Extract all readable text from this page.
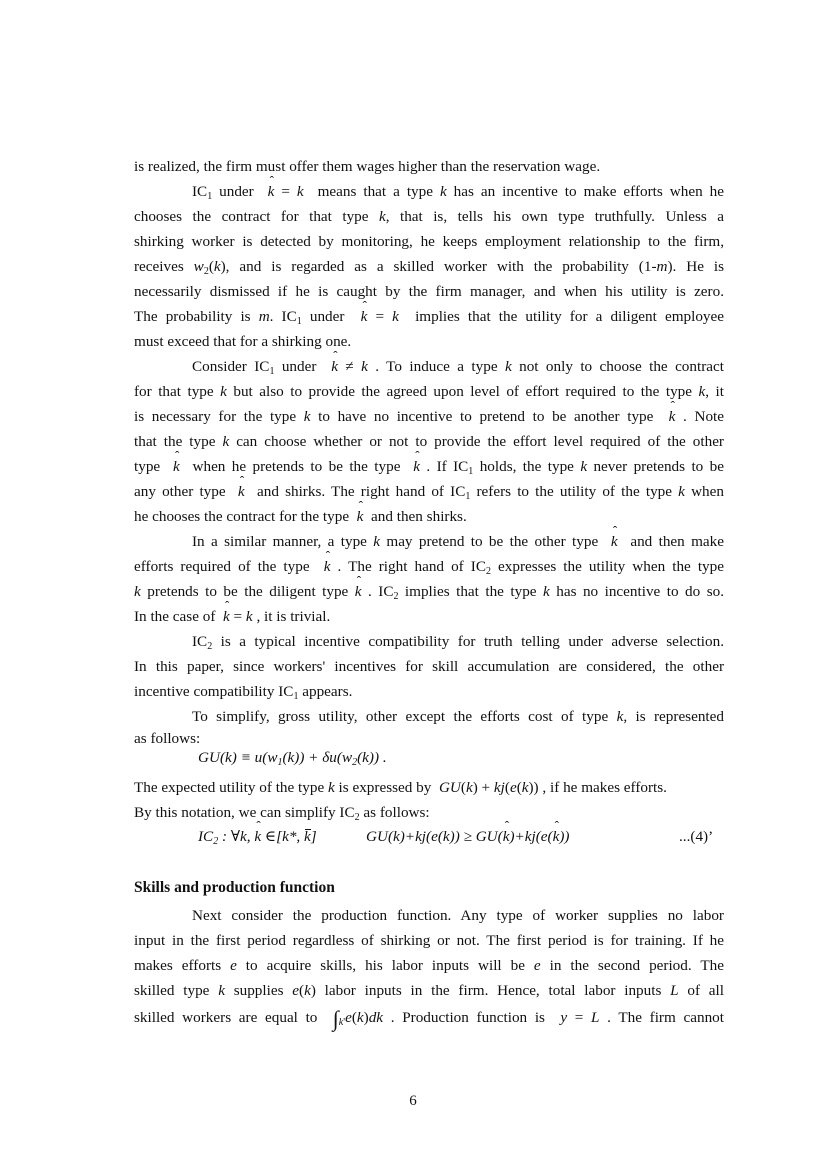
is realized, the firm must offer them wages higher than the reservation wage.
$IC_1$ under  ˆ k = k  means that a type k has an incentive to make efforts when he
chooses the contract for that type k, that is, tells his own type truthfully. Unless a
shirking worker is detected by monitoring, he keeps employment relationship to the firm,
receives $w_2(k)$, and is regarded as a skilled worker with the probability (1-m). He is
necessarily dismissed if he is caught by the firm manager, and when his utility is zero.
The probability is m. $IC_1$ under  ˆ k = k  implies that the utility for a diligent employee
must exceed that for a shirking one.
Consider $IC_1$ under  ˆ k ≠ k . To induce a type k not only to choose the contract
for that type k but also to provide the agreed upon level of effort required to the type k, it
is necessary for the type k to have no incentive to pretend to be another type  ˆ k . Note
that the type k can choose whether or not to provide the effort level required of the other
type  ˆ k  when he pretends to be the type  ˆ k . If $IC_1$ holds, the type k never pretends to be
any other type  ˆ k  and shirks. The right hand of $IC_1$ refers to the utility of the type k when
he chooses the contract for the type  ˆ k  and then shirks.
In a similar manner, a type k may pretend to be the other type  ˆ k  and then make
efforts required of the type  ˆ k . The right hand of $IC_2$ expresses the utility when the type
k pretends to be the diligent type ˆ k . $IC_2$ implies that the type k has no incentive to do so.
In the case of  ˆ k = k , it is trivial.
$IC_2$ is a typical incentive compatibility for truth telling under adverse selection.
In this paper, since workers' incentives for skill accumulation are considered, the other
incentive compatibility $IC_1$ appears.
To simplify, gross utility, other except the efforts cost of type k, is represented
as follows:
$GU(k) \equiv u(w_1(k)) + \delta u(w_2(k))$ .
The expected utility of the type k is expressed by  GU(k) + kj(e(k)) , if he makes efforts.
By this notation, we can simplify $IC_2$ as follows:
$IC_2$ : ∀k, ˆ k ∈[k*, k]	GU(k)+kj(e(k)) ≥ GU(ˆ k)+kj(e(ˆ k))	...(4)’
Skills and production function
Next consider the production function. Any type of worker supplies no labor
input in the first period regardless of shirking or not. The first period is for training. If he
makes efforts e to acquire skills, his labor inputs will be e in the second period. The
skilled type k supplies e(k) labor inputs in the firm. Hence, total labor inputs L of all
skilled workers are equal to  $\int_{k'}e(k)dk$ . Production function is  y = L . The firm cannot
6
